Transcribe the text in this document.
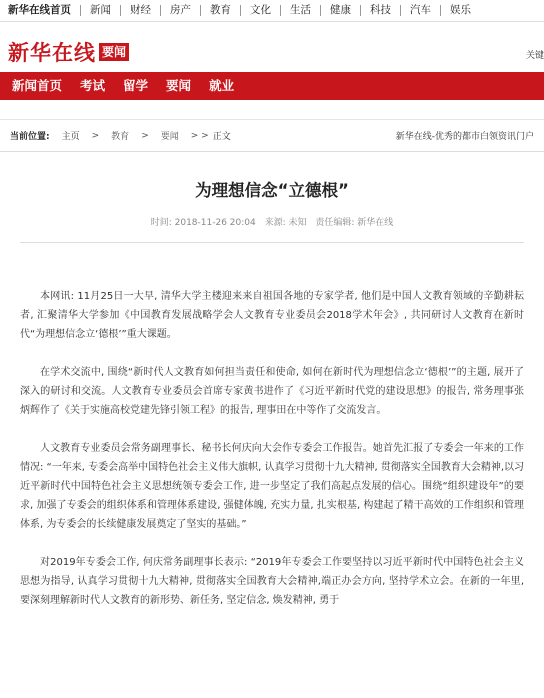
新华在线首页	新闻	财经	房产	教育	文化	生活	健康	科技	汽车	娱乐
新华在线 要闻	关键
新闻首页	考试	留学	要闻	就业
当前位置: 主页 > 教育 > 要闻 > > 正文	新华在线-优秀的都市白领资讯门户
为理想信念“立德根”
时间: 2018-11-26 20:04 来源: 未知 责任编辑: 新华在线

本网讯: 11月25日一大早, 清华大学主楼迎来来自祖国各地的专家学者, 他们是中国人文教育领域的辛勤耕耘者, 汇聚清华大学参加《中国教育发展战略学会人文教育专业委员会2018学术年会》, 共同研讨人文教育在新时代“为理想信念立‘德根’”重大课题。

在学术交流中, 围绕“新时代人文教育如何担当责任和使命, 如何在新时代为理想信念立‘德根’”的主题, 展开了深入的研讨和交流。人文教育专业委员会首席专家黄书进作了《习近平新时代党的建设思想》的报告, 常务理事张炳辉作了《关于实施高校党建先锋引领工程》的报告, 理事田在中等作了交流发言。

人文教育专业委员会常务副理事长、秘书长何庆向大会作专委会工作报告。她首先汇报了专委会一年来的工作情况: “一年来, 专委会高举中国特色社会主义伟大旗帜, 认真学习贯彻十九大精神, 贯彻落实全国教育大会精神,以习近平新时代中国特色社会主义思想统领专委会工作, 进一步坚定了我们高起点发展的信心。围绕“组织建设年”的要求, 加强了专委会的组织体系和管理体系建设, 强健体魄, 充实力量, 扎实根基, 构建起了精干高效的工作组织和管理体系, 为专委会的长续健康发展奠定了坚实的基础。”

对2019年专委会工作, 何庆常务副理事长表示: “2019年专委会工作要坚持以习近平新时代中国特色社会主义思想为指导, 认真学习贯彻十九大精神, 贯彻落实全国教育大会精神,端正办会方向, 坚持学术立会。在新的一年里, 要深刻理解新时代人文教育的新形势、新任务, 坚定信念, 焕发精神, 勇于
